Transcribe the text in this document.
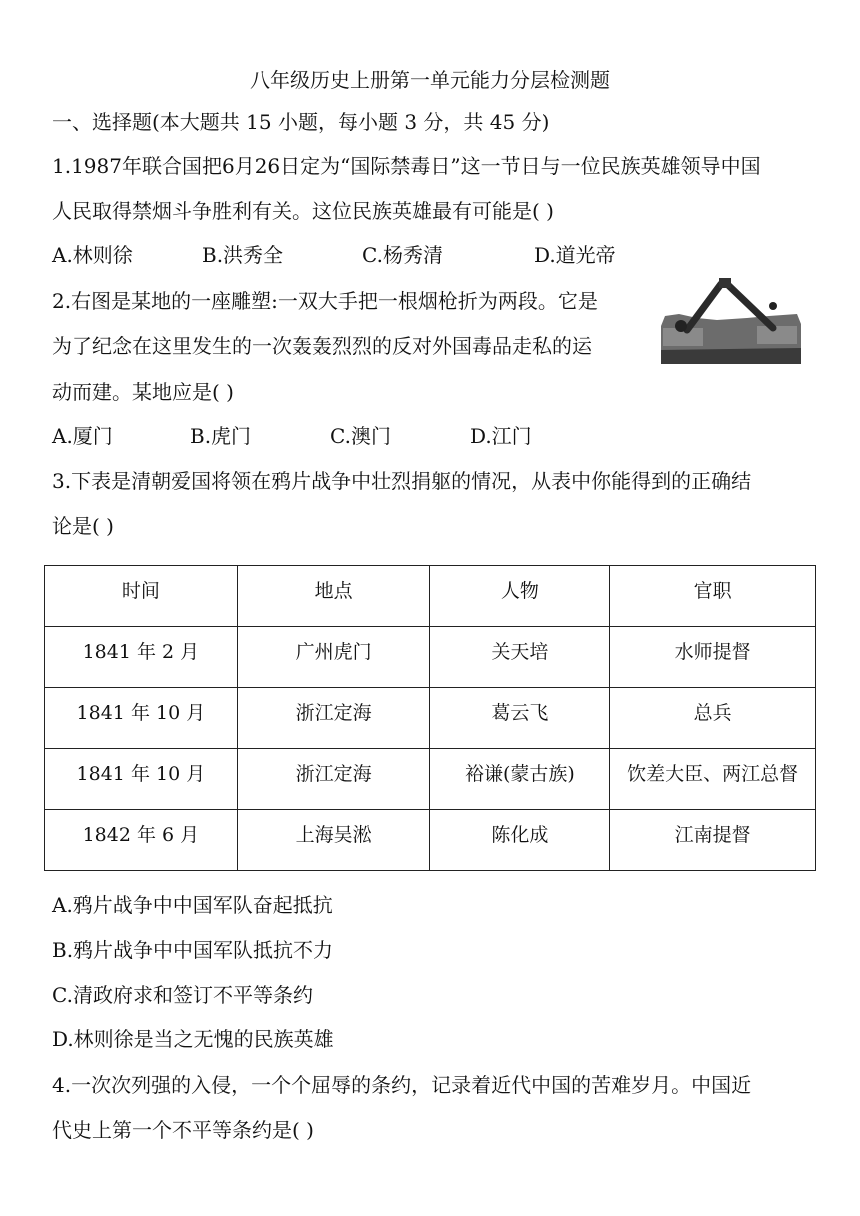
八年级历史上册第一单元能力分层检测题
一、选择题(本大题共 15 小题，每小题 3 分，共 45 分)
1.1987年联合国把6月26日定为“国际禁毒日”这一节日与一位民族英雄领导中国
人民取得禁烟斗争胜利有关。这位民族英雄最有可能是( )
A.林则徐	B.洪秀全	C.杨秀清	D.道光帝
2.右图是某地的一座雕塑:一双大手把一根烟枪折为两段。它是
为了纪念在这里发生的一次轰轰烈烈的反对外国毒品走私的运
动而建。某地应是( )
A.厦门	B.虎门	C.澳门	D.江门
3.下表是清朝爱国将领在鸦片战争中壮烈捐躯的情况，从表中你能得到的正确结
论是( )
时间	地点	人物	官职
1841 年 2 月	广州虎门	关天培	水师提督
1841 年 10 月	浙江定海	葛云飞	总兵
1841 年 10 月	浙江定海	裕谦(蒙古族)	饮差大臣、两江总督
1842 年 6 月	上海吴淞	陈化成	江南提督
A.鸦片战争中中国军队奋起抵抗
B.鸦片战争中中国军队抵抗不力
C.清政府求和签订不平等条约
D.林则徐是当之无愧的民族英雄
4.一次次列强的入侵，一个个屈辱的条约，记录着近代中国的苦难岁月。中国近
代史上第一个不平等条约是( )
